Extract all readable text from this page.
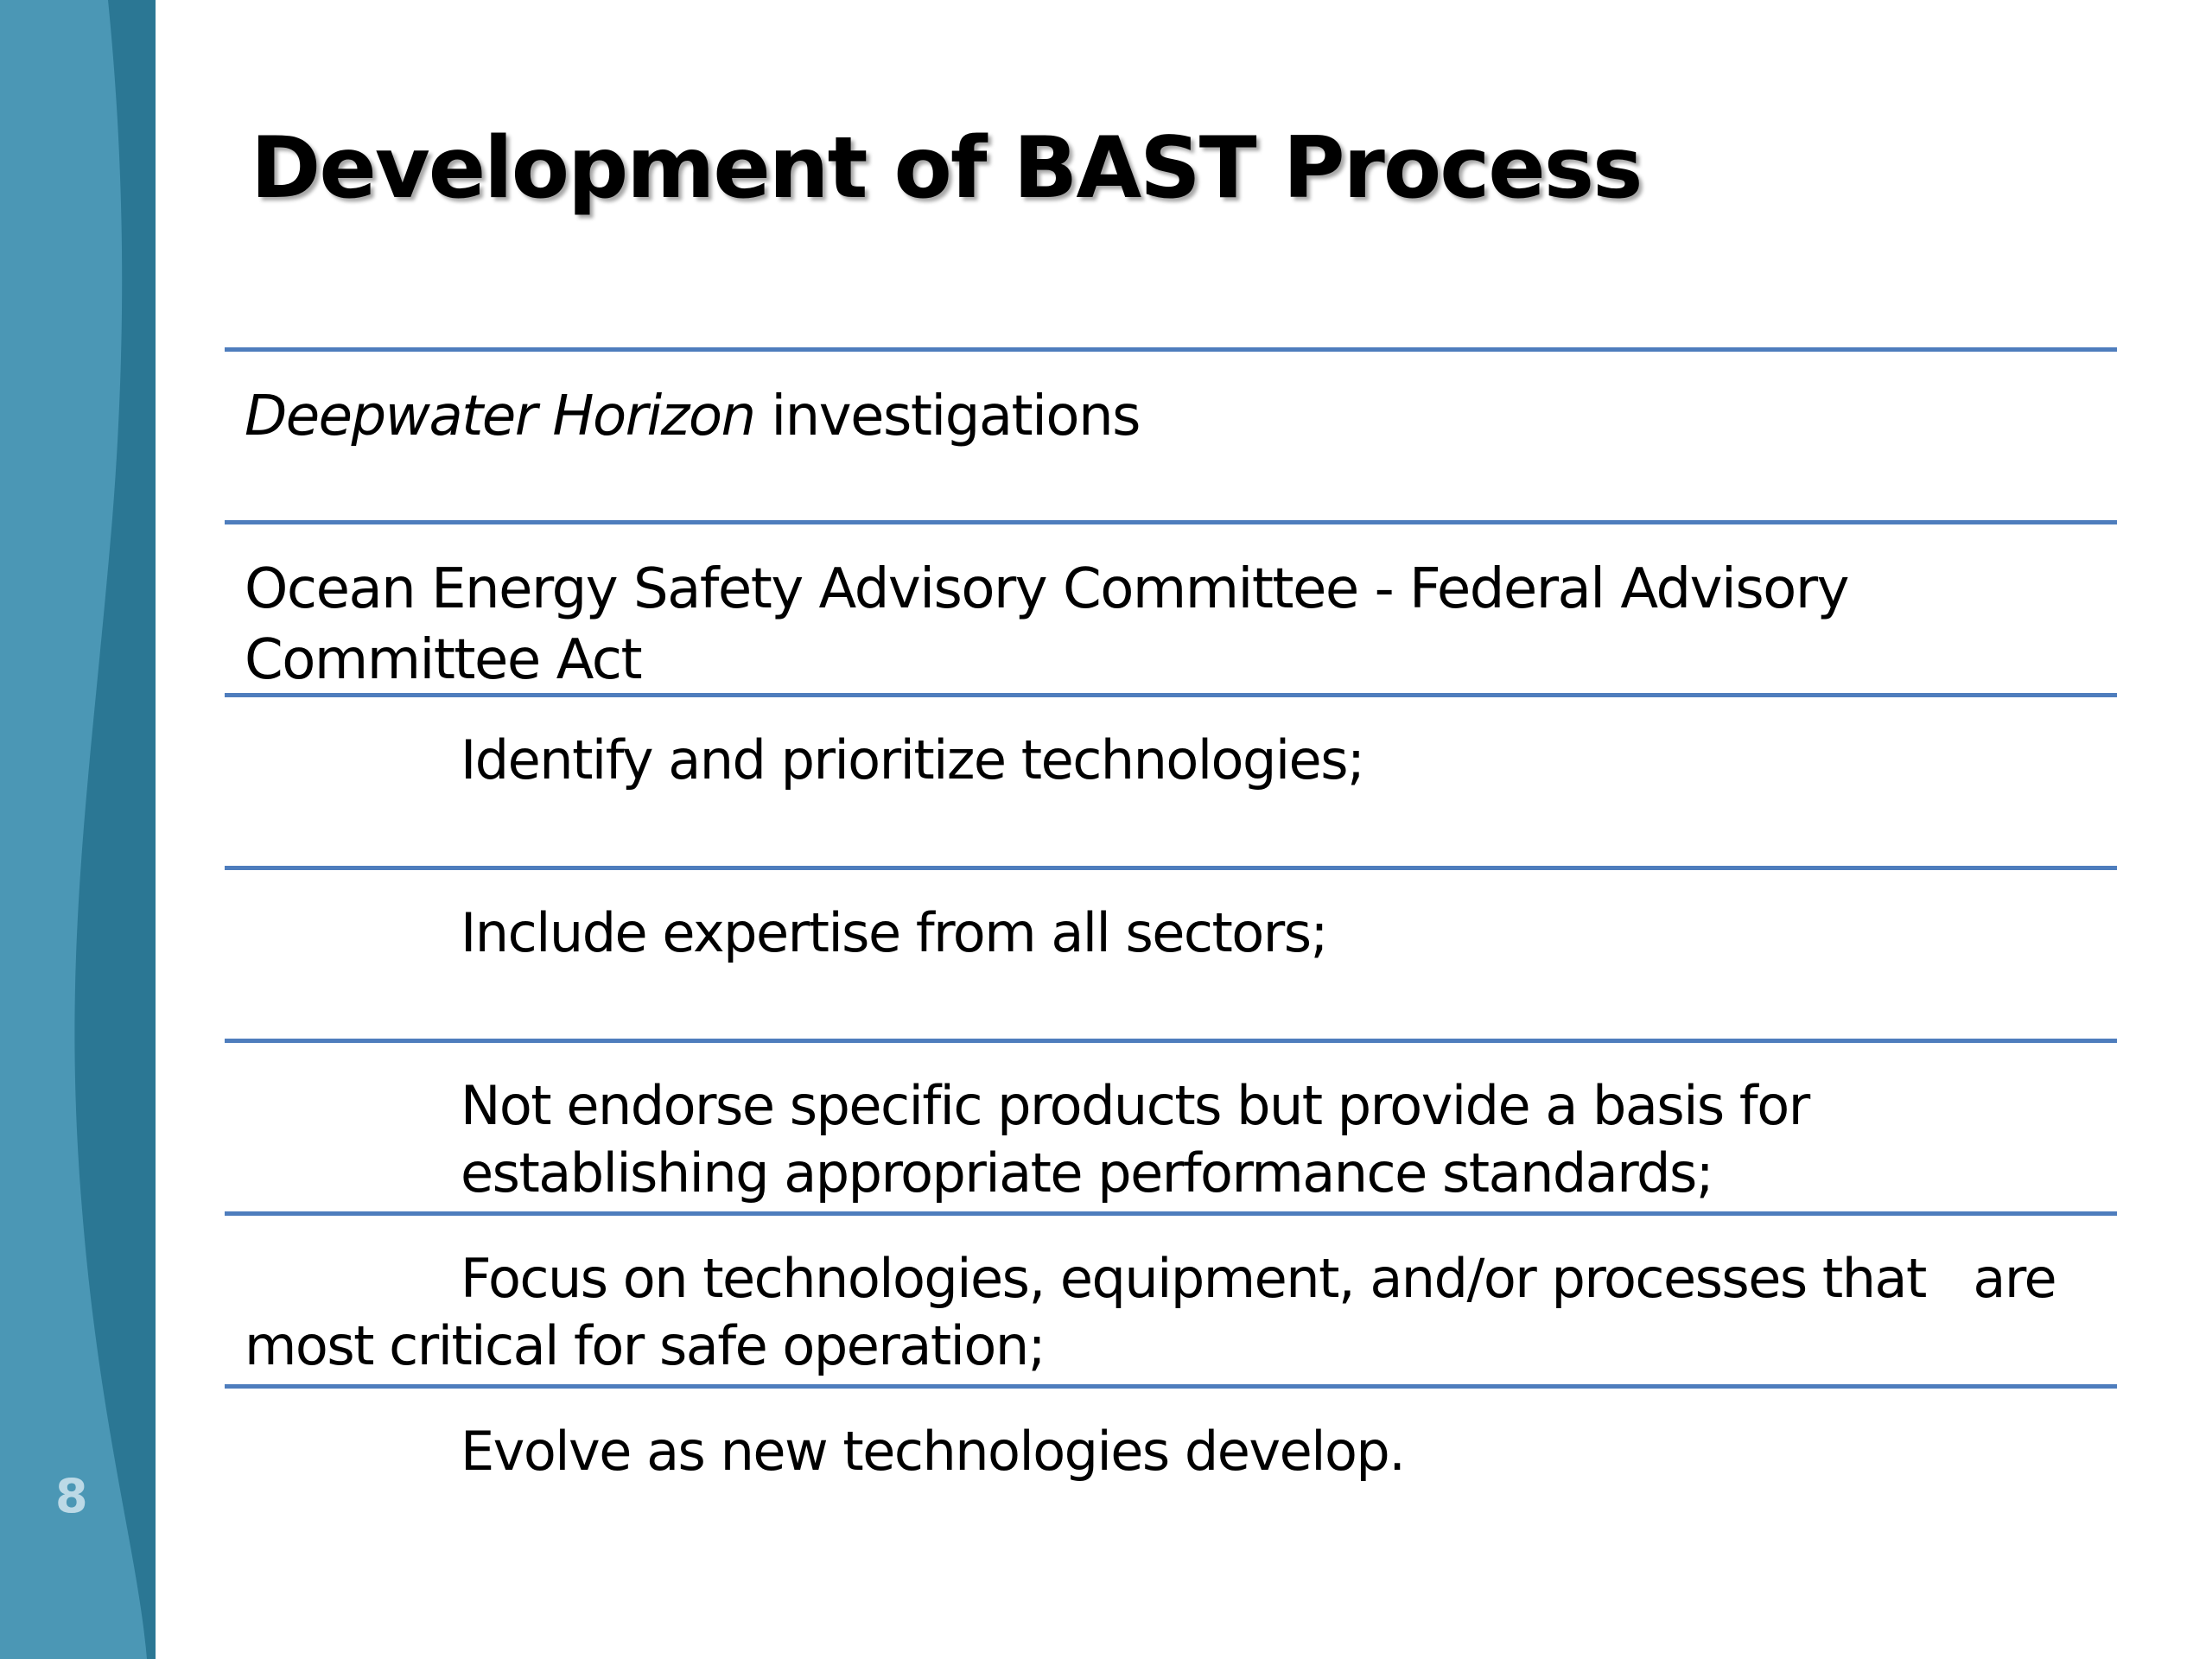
8
Development of BAST Process
Deepwater Horizon investigations
Ocean Energy Safety Advisory Committee - Federal Advisory Committee Act
Identify and prioritize technologies;
Include expertise from all sectors;
Not endorse specific products but provide a basis for establishing appropriate performance standards;
Focus on technologies, equipment, and/or processes that   are most critical for safe operation;
Evolve as new technologies develop.
